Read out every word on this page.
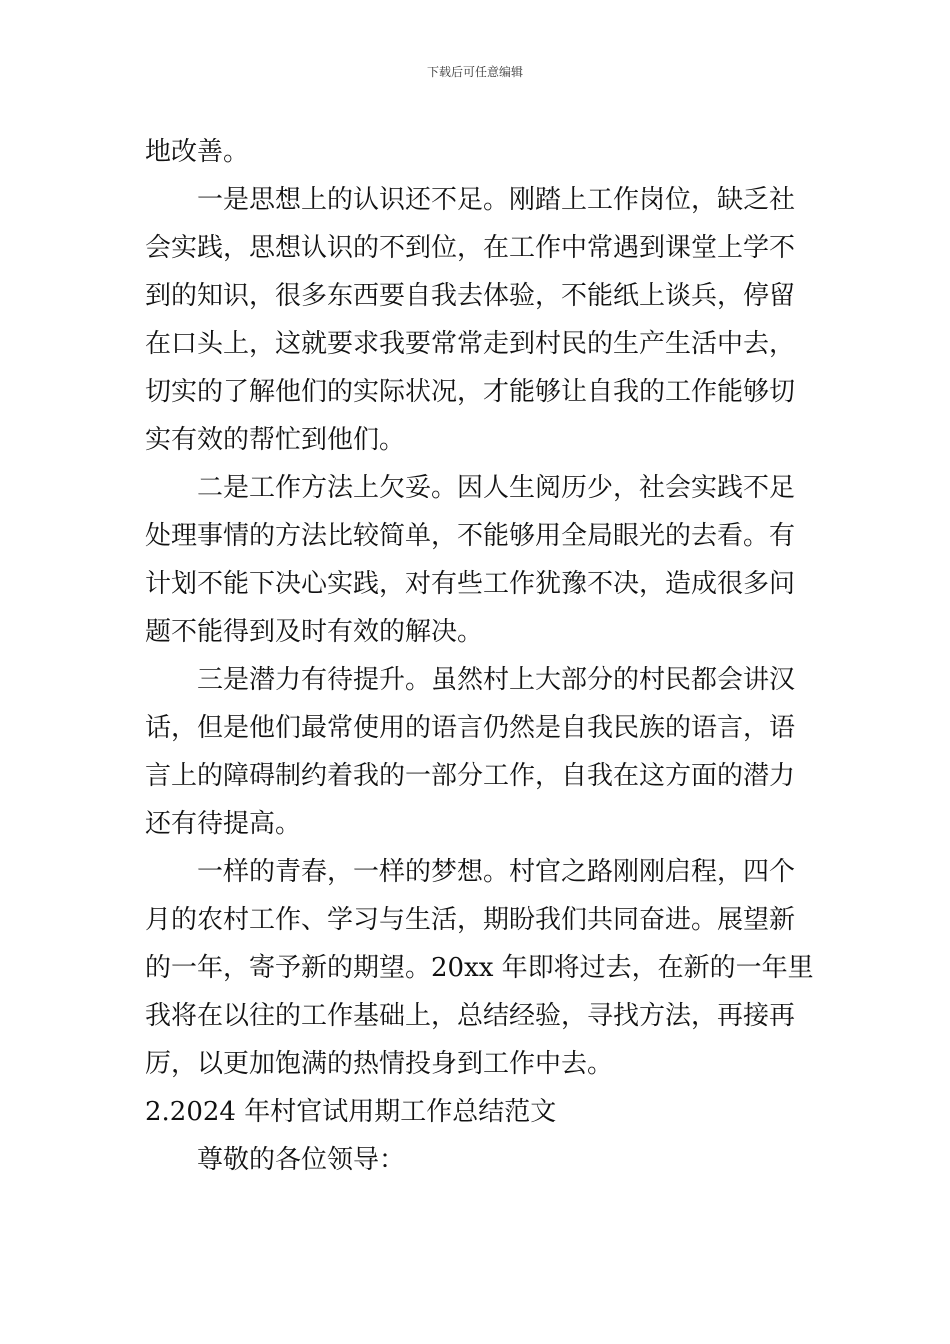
下载后可任意编辑
地改善。
一是思想上的认识还不足。刚踏上工作岗位，缺乏社
会实践，思想认识的不到位，在工作中常遇到课堂上学不
到的知识，很多东西要自我去体验，不能纸上谈兵，停留
在口头上，这就要求我要常常走到村民的生产生活中去，
切实的了解他们的实际状况，才能够让自我的工作能够切
实有效的帮忙到他们。
二是工作方法上欠妥。因人生阅历少，社会实践不足
处理事情的方法比较简单，不能够用全局眼光的去看。有
计划不能下决心实践，对有些工作犹豫不决，造成很多问
题不能得到及时有效的解决。
三是潜力有待提升。虽然村上大部分的村民都会讲汉
话，但是他们最常使用的语言仍然是自我民族的语言，语
言上的障碍制约着我的一部分工作，自我在这方面的潜力
还有待提高。
一样的青春，一样的梦想。村官之路刚刚启程，四个
月的农村工作、学习与生活，期盼我们共同奋进。展望新
的一年，寄予新的期望。20xx 年即将过去，在新的一年里
我将在以往的工作基础上，总结经验，寻找方法，再接再
厉，以更加饱满的热情投身到工作中去。
2.2024 年村官试用期工作总结范文
尊敬的各位领导：
